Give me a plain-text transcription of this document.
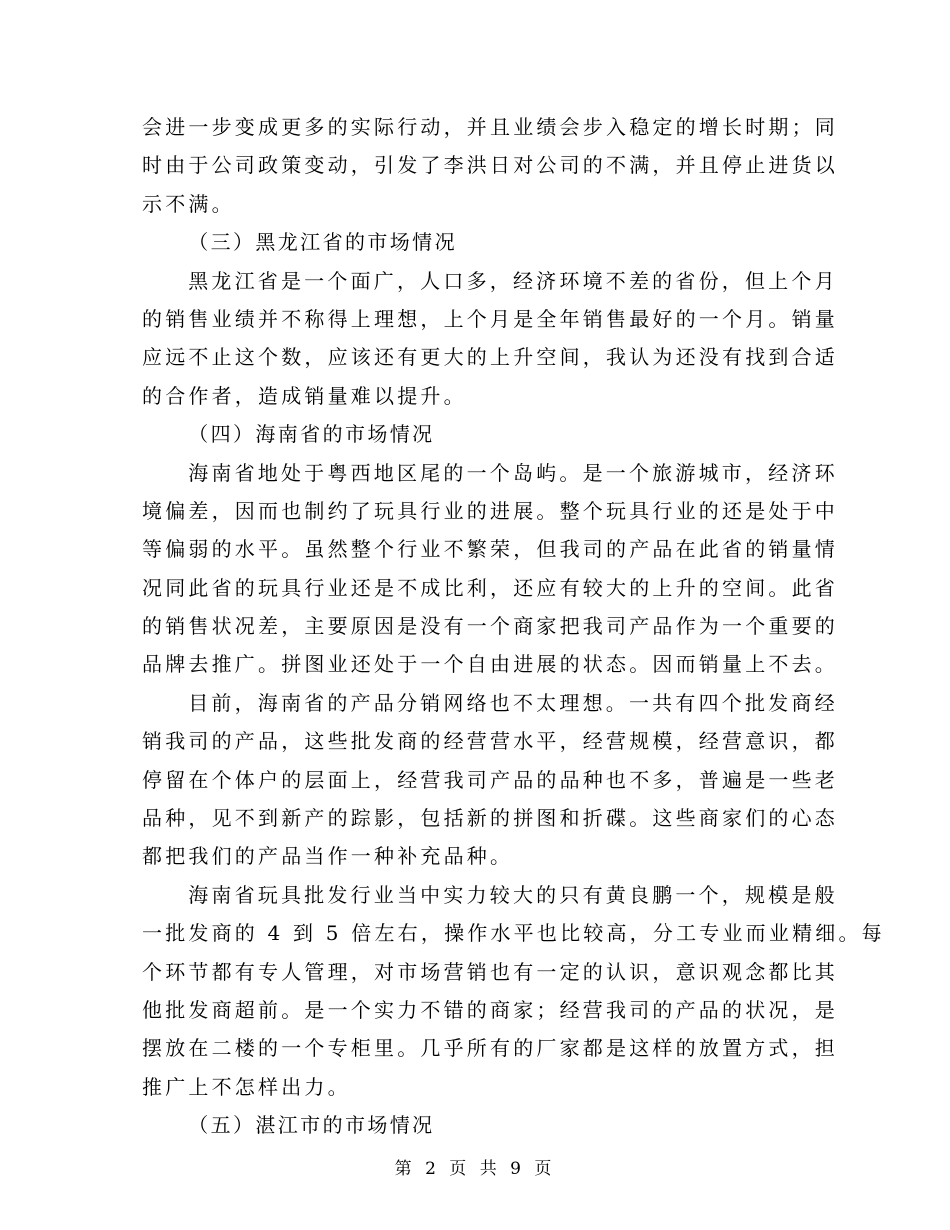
会进一步变成更多的实际行动，并且业绩会步入稳定的增长时期；同
时由于公司政策变动，引发了李洪日对公司的不满，并且停止进货以
示不满。
（三）黑龙江省的市场情况
黑龙江省是一个面广，人口多，经济环境不差的省份，但上个月
的销售业绩并不称得上理想，上个月是全年销售最好的一个月。销量
应远不止这个数，应该还有更大的上升空间，我认为还没有找到合适
的合作者，造成销量难以提升。
（四）海南省的市场情况
海南省地处于粤西地区尾的一个岛屿。是一个旅游城市，经济环
境偏差，因而也制约了玩具行业的进展。整个玩具行业的还是处于中
等偏弱的水平。虽然整个行业不繁荣，但我司的产品在此省的销量情
况同此省的玩具行业还是不成比利，还应有较大的上升的空间。此省
的销售状况差，主要原因是没有一个商家把我司产品作为一个重要的
品牌去推广。拼图业还处于一个自由进展的状态。因而销量上不去。
目前，海南省的产品分销网络也不太理想。一共有四个批发商经
销我司的产品，这些批发商的经营营水平，经营规模，经营意识，都
停留在个体户的层面上，经营我司产品的品种也不多，普遍是一些老
品种，见不到新产的踪影，包括新的拼图和折碟。这些商家们的心态
都把我们的产品当作一种补充品种。
海南省玩具批发行业当中实力较大的只有黄良鹏一个，规模是般
一批发商的 4 到 5 倍左右，操作水平也比较高，分工专业而业精细。每
个环节都有专人管理，对市场营销也有一定的认识，意识观念都比其
他批发商超前。是一个实力不错的商家；经营我司的产品的状况，是
摆放在二楼的一个专柜里。几乎所有的厂家都是这样的放置方式，担
推广上不怎样出力。
（五）湛江市的市场情况
第 2 页 共 9 页
